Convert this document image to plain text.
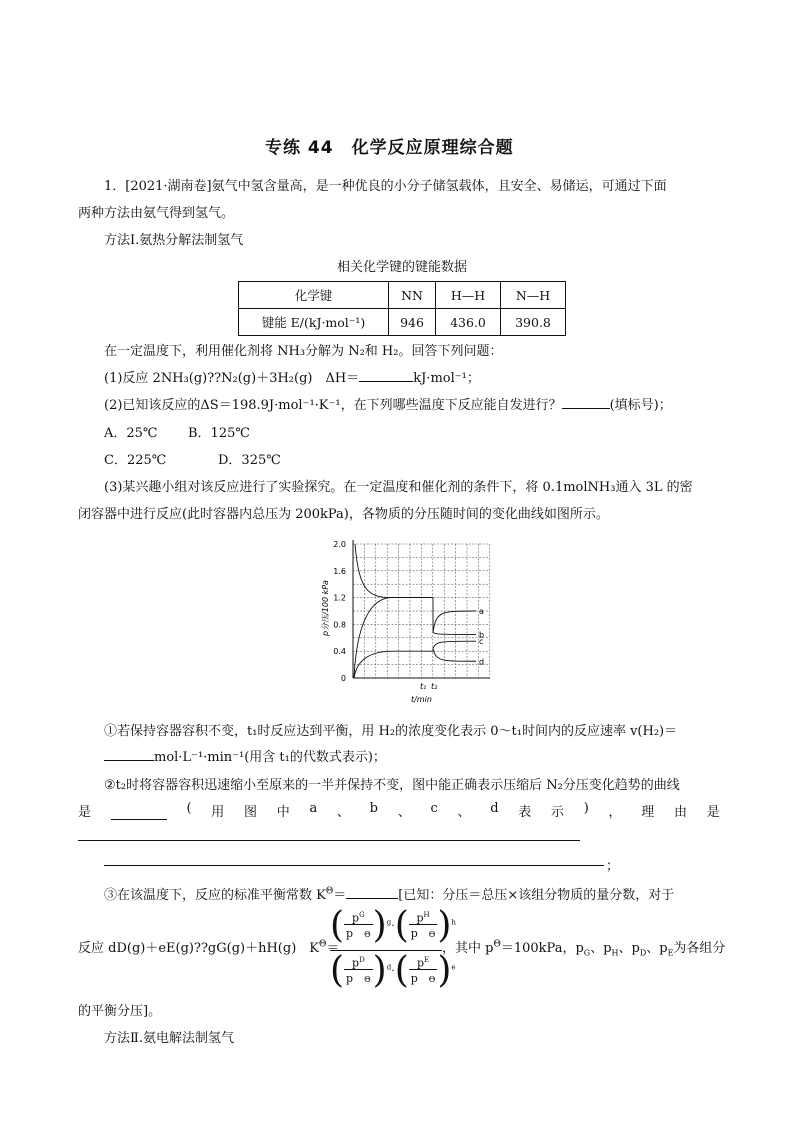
专练 44　化学反应原理综合题
1．[2021·湖南卷]氨气中氢含量高，是一种优良的小分子储氢载体，且安全、易储运，可通过下面
两种方法由氨气得到氢气。
方法Ⅰ.氨热分解法制氢气
相关化学键的键能数据
化学键	NN	H—H	N—H
键能 E/(kJ·mol⁻¹)	946	436.0	390.8
在一定温度下，利用催化剂将 NH₃分解为 N₂和 H₂。回答下列问题：
(1)反应 2NH₃(g)??N₂(g)＋3H₂(g)　ΔH＝	kJ·mol⁻¹；
(2)已知该反应的ΔS＝198.9J·mol⁻¹·K⁻¹，在下列哪些温度下反应能自发进行？	(填标号)；
A．25℃ B．125℃
C．225℃	D．325℃
(3)某兴趣小组对该反应进行了实验探究。在一定温度和催化剂的条件下，将 0.1molNH₃通入 3L 的密
闭容器中进行反应(此时容器内总压为 200kPa)，各物质的分压随时间的变化曲线如图所示。
0
0.4
0.8
1.2
1.6
2.0
a
b
c
d
t₁ t₂
t/min
p分压/100 kPa
①若保持容器容积不变，t₁时反应达到平衡，用 H₂的浓度变化表示 0～t₁时间内的反应速率 v(H₂)＝
mol·L⁻¹·min⁻¹(用含 t₁的代数式表示)；
②t₂时将容器容积迅速缩小至原来的一半并保持不变，图中能正确表示压缩后 N₂分压变化趋势的曲线
是	( 用 图 中 a 、 b 、 c 、 d 表 示 ) ， 理 由 是
；
③在该温度下，反应的标准平衡常数 $K^\Theta=$	[已知：分压＝总压×该组分物质的量分数，对于
反应 dD(g)＋eE(g)??gG(g)＋hH(g)　$K^\Theta=$
( $\frac{p^G}{\text{p　 Θ}} )^g\cdot( \frac{p^H}{\text{p　 Θ}} )^h$
( $\frac{p^D}{\text{p　 Θ}} )^d\cdot( \frac{p^E}{\text{p　 Θ}} )^e$
，其中 $p^\Theta=100kPa$，$p_G$、$p_H$、$p_D$、$p_E$为各组分
的平衡分压]。
方法Ⅱ.氨电解法制氢气
